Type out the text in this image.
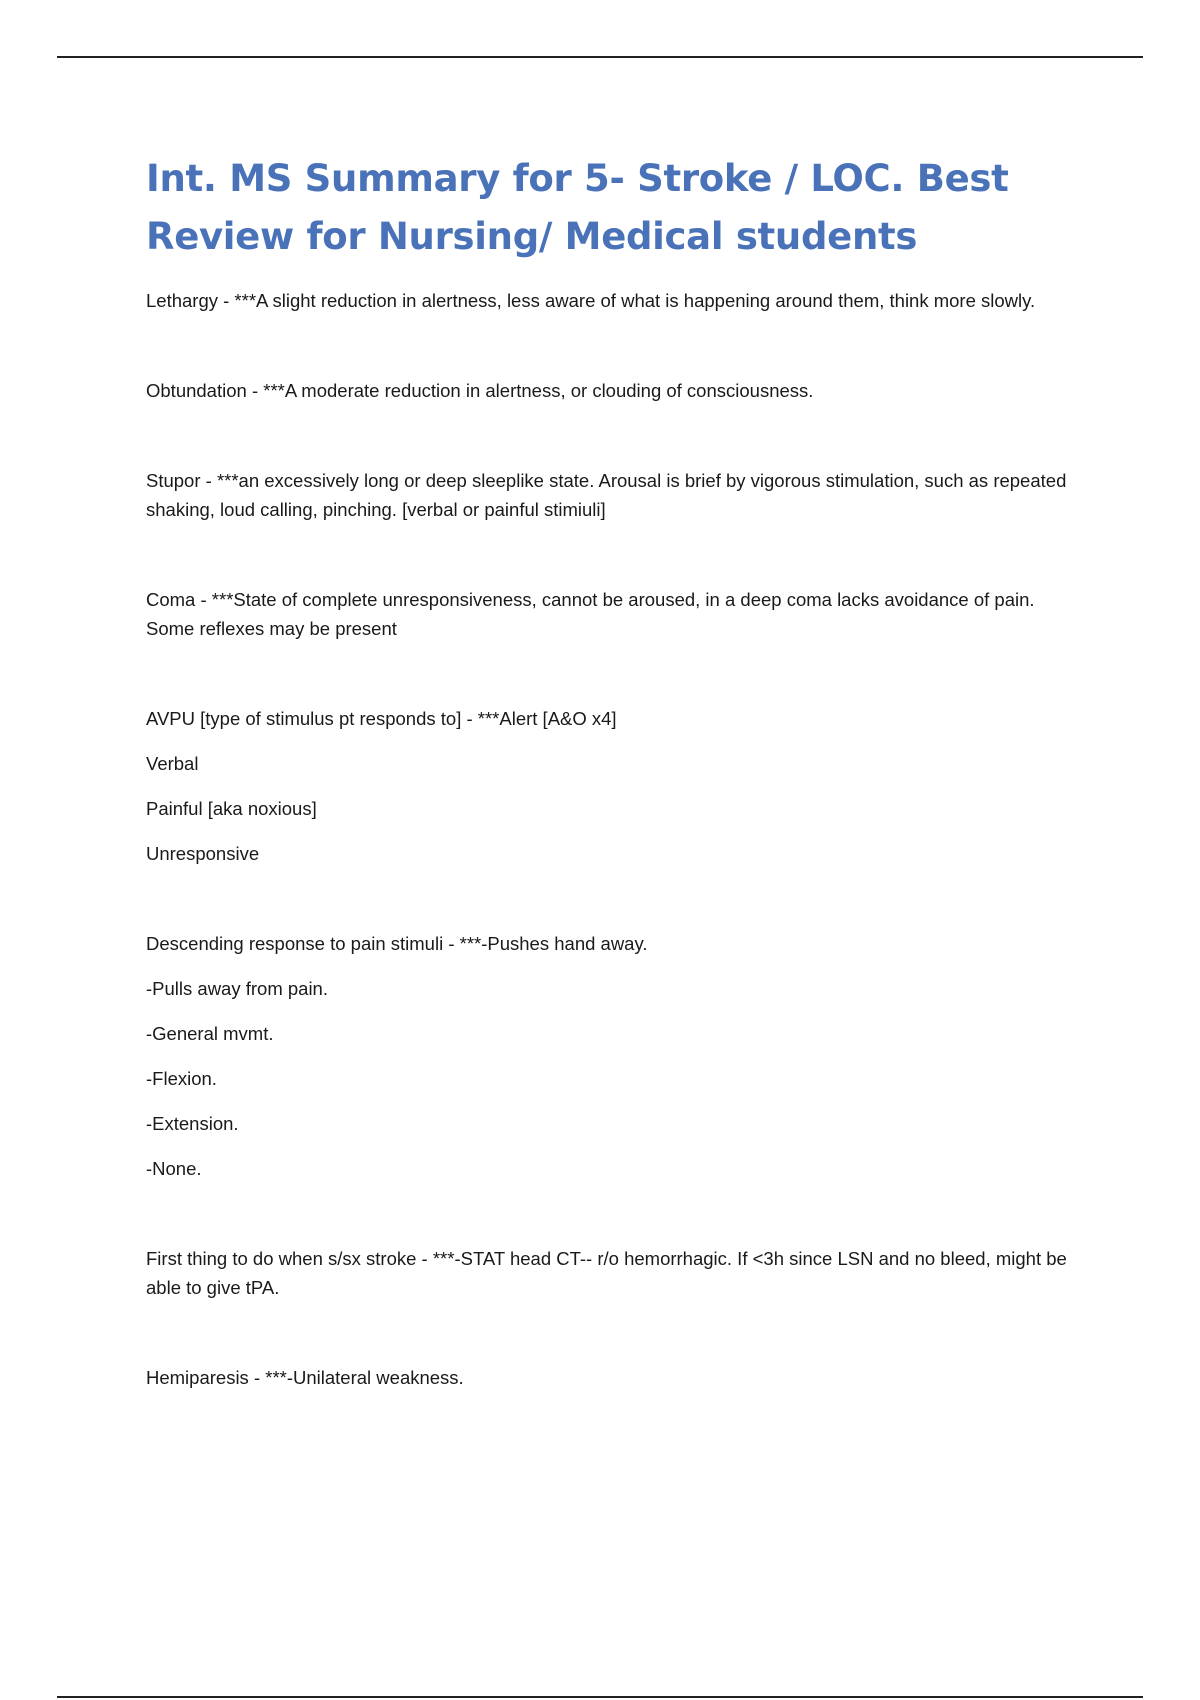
Int. MS Summary for 5- Stroke / LOC. Best Review for Nursing/ Medical students

Lethargy - ***A slight reduction in alertness, less aware of what is happening around them, think more slowly.

Obtundation - ***A moderate reduction in alertness, or clouding of consciousness.

Stupor - ***an excessively long or deep sleeplike state. Arousal is brief by vigorous stimulation, such as repeated shaking, loud calling, pinching. [verbal or painful stimiuli]

Coma - ***State of complete unresponsiveness, cannot be aroused, in a deep coma lacks avoidance of pain. Some reflexes may be present

AVPU [type of stimulus pt responds to] - ***Alert [A&O x4]

Verbal

Painful [aka noxious]

Unresponsive

Descending response to pain stimuli - ***-Pushes hand away.

-Pulls away from pain.

-General mvmt.

-Flexion.

-Extension.

-None.

First thing to do when s/sx stroke - ***-STAT head CT-- r/o hemorrhagic. If <3h since LSN and no bleed, might be able to give tPA.

Hemiparesis - ***-Unilateral weakness.
